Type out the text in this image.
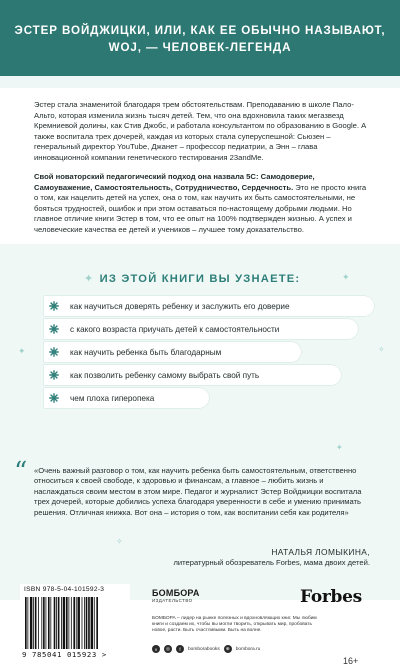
ЭСТЕР ВОЙДЖИЦКИ, ИЛИ, КАК ЕЕ ОБЫЧНО НАЗЫВАЮТ, WOJ, — ЧЕЛОВЕК-ЛЕГЕНДА
Эстер стала знаменитой благодаря трем обстоятельствам. Преподаванию в школе Пало-Альто, которая изменила жизнь тысяч детей. Тем, что она вдохновила таких мегазвезд Кремниевой долины, как Стив Джобс, и работала консультантом по образованию в Google. А также воспитала трех дочерей, каждая из которых стала суперуспешной: Сьюзен – генеральный директор YouTube, Джанет – профессор педиатрии, а Энн – глава инновационной компании генетического тестирования 23andMe.
Свой новаторский педагогический подход она назвала 5С: Самодоверие, Самоуважение, Самостоятельность, Сотрудничество, Сердечность. Это не просто книга о том, как нацелить детей на успех, она о том, как научить их быть самостоятельными, не бояться трудностей, ошибок и при этом оставаться по-настоящему добрыми людьми. Но главное отличие книги Эстер в том, что ее опыт на 100% подтвержден жизнью. А успех и человеческие качества ее детей и учеников – лучшее тому доказательство.
✦	✦
✧
✦
✧
✦
ИЗ ЭТОЙ КНИГИ ВЫ УЗНАЕТЕ:
как научиться доверять ребенку и заслужить его доверие
с какого возраста приучать детей к самостоятельности
как научить ребенка быть благодарным
как позволить ребенку самому выбрать свой путь
чем плоха гиперопека
“ «Очень важный разговор о том, как научить ребенка быть самостоятельным, ответственно относиться к своей свободе, к здоровью и финансам, а главное – любить жизнь и наслаждаться своим местом в этом мире. Педагог и журналист Эстер Войджицки воспитала трех дочерей, которые добились успеха благодаря уверенности в себе и умению принимать решения. Отличная книжка. Вот она – история о том, как воспитании себя как родителя»
НАТАЛЬЯ ЛОМЫКИНА,
литературный обозреватель Forbes, мама двоих детей.
ISBN 978-5-04-101592-3
9 785041 015923 >
БОМБОРА
ИЗДАТЕЛЬСТВО
БОМБОРА – лидер на рынке полезных и вдохновляющих книг. Мы любим книги и создаем их, чтобы вы могли творить, открывать мир, пробовать новое, расти. Быть счастливыми. Быть на волне.
v	◎	f	bomborabooks	⊕	bombora.ru
Forbes
16+
